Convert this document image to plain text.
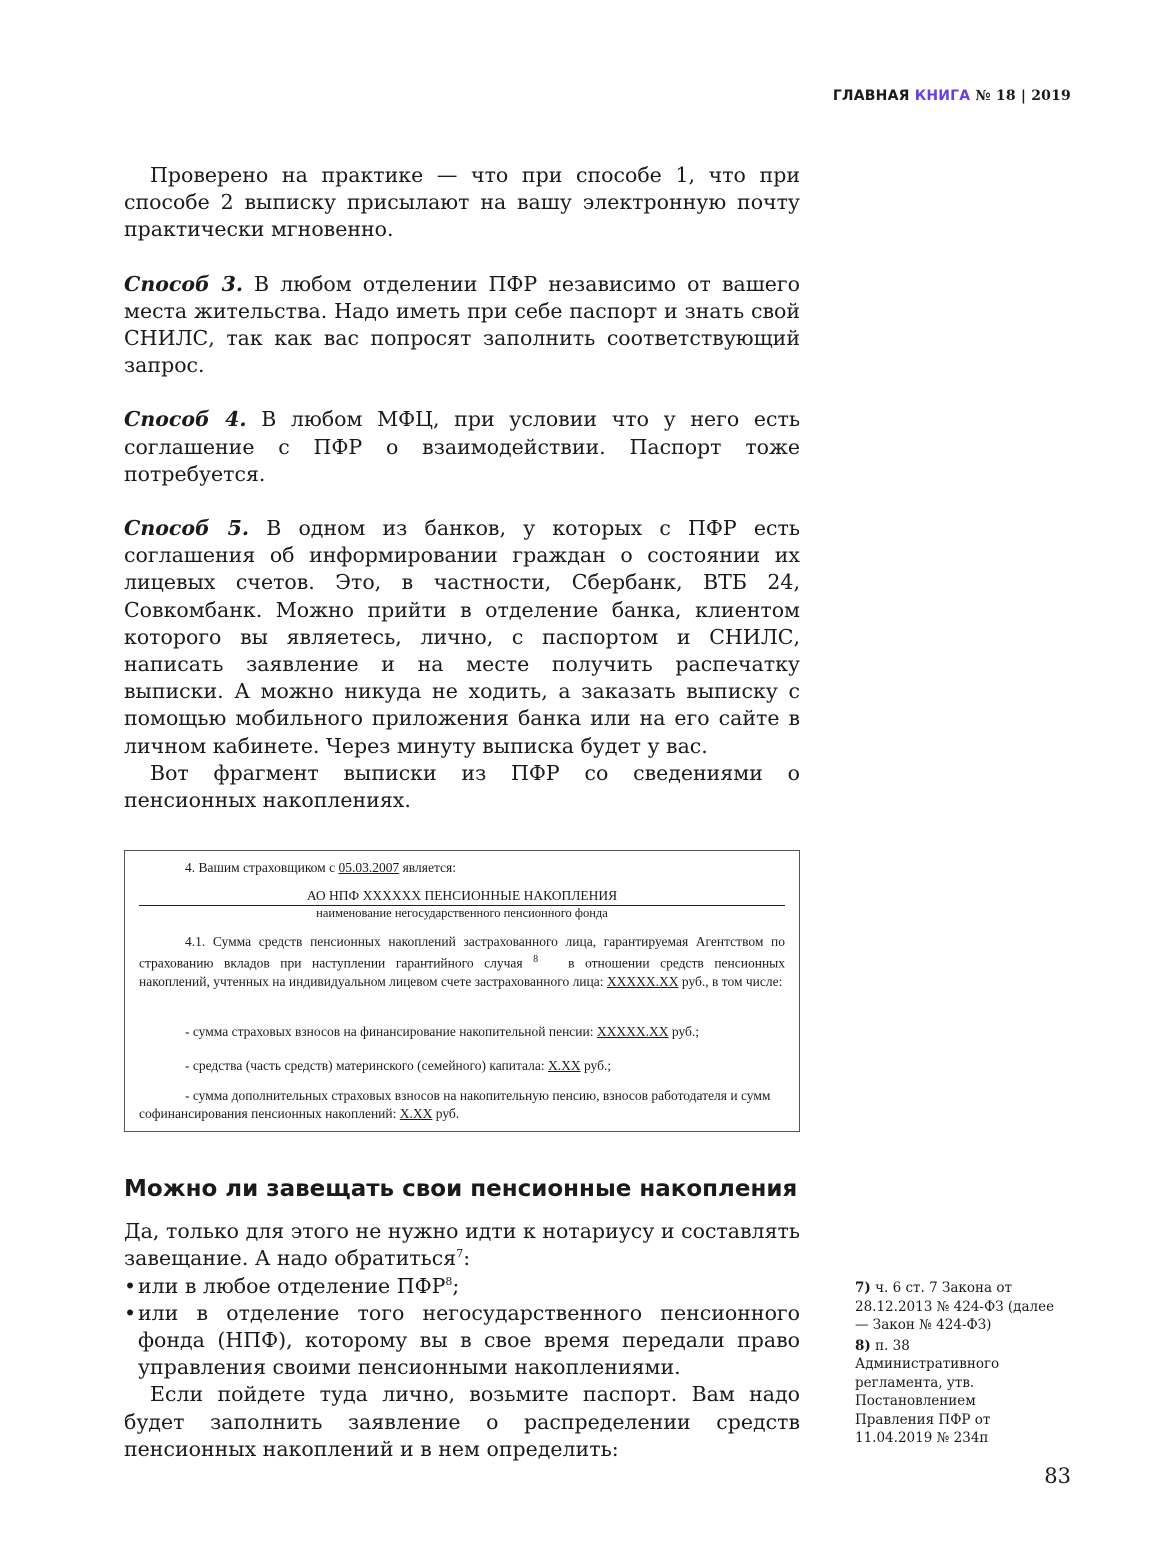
ГЛАВНАЯ КНИГА № 18 | 2019

Проверено на практике — что при способе 1, что при способе 2 выписку присылают на вашу электронную почту практически мгновенно.

Способ 3. В любом отделении ПФР независимо от вашего места жительства. Надо иметь при себе паспорт и знать свой СНИЛС, так как вас попросят заполнить соответствующий запрос.

Способ 4. В любом МФЦ, при условии что у него есть соглашение с ПФР о взаимодействии. Паспорт тоже потребуется.

Способ 5. В одном из банков, у которых с ПФР есть соглашения об информировании граждан о состоянии их лицевых счетов. Это, в частности, Сбербанк, ВТБ 24, Совкомбанк. Можно прийти в отделение банка, клиентом которого вы являетесь, лично, с паспортом и СНИЛС, написать заявление и на месте получить распечатку выписки. А можно никуда не ходить, а заказать выписку с помощью мобильного приложения банка или на его сайте в личном кабинете. Через минуту выписка будет у вас.

Вот фрагмент выписки из ПФР со сведениями о пенсионных накоплениях.

4. Вашим страховщиком с 05.03.2007 является:
АО НПФ ХХХХХХ ПЕНСИОННЫЕ НАКОПЛЕНИЯ
наименование негосударственного пенсионного фонда
4.1. Сумма средств пенсионных накоплений застрахованного лица, гарантируемая Агентством по страхованию вкладов при наступлении гарантийного случая $^8$ в отношении средств пенсионных накоплений, учтенных на индивидуальном лицевом счете застрахованного лица: ХХХХХ.ХХ руб., в том числе:
- сумма страховых взносов на финансирование накопительной пенсии: ХХХХХ.ХХ руб.;
- средства (часть средств) материнского (семейного) капитала: Х.ХХ руб.;
- сумма дополнительных страховых взносов на накопительную пенсию, взносов работодателя и сумм софинансирования пенсионных накоплений: Х.ХХ руб.
Можно ли завещать свои пенсионные накопления

Да, только для этого не нужно идти к нотариусу и составлять завещание. А надо обратиться$^7$:

• или в любое отделение ПФР$^8$;
• или в отделение того негосударственного пенсионного фонда (НПФ), которому вы в свое время передали право управления своими пенсионными накоплениями.

Если пойдете туда лично, возьмите паспорт. Вам надо будет заполнить заявление о распределении средств пенсионных накоплений и в нем определить:

7) ч. 6 ст. 7 Закона от 28.12.2013 № 424-ФЗ (далее — Закон № 424-ФЗ)
8) п. 38 Административного регламента, утв. Постановлением Правления ПФР от 11.04.2019 № 234п
83
